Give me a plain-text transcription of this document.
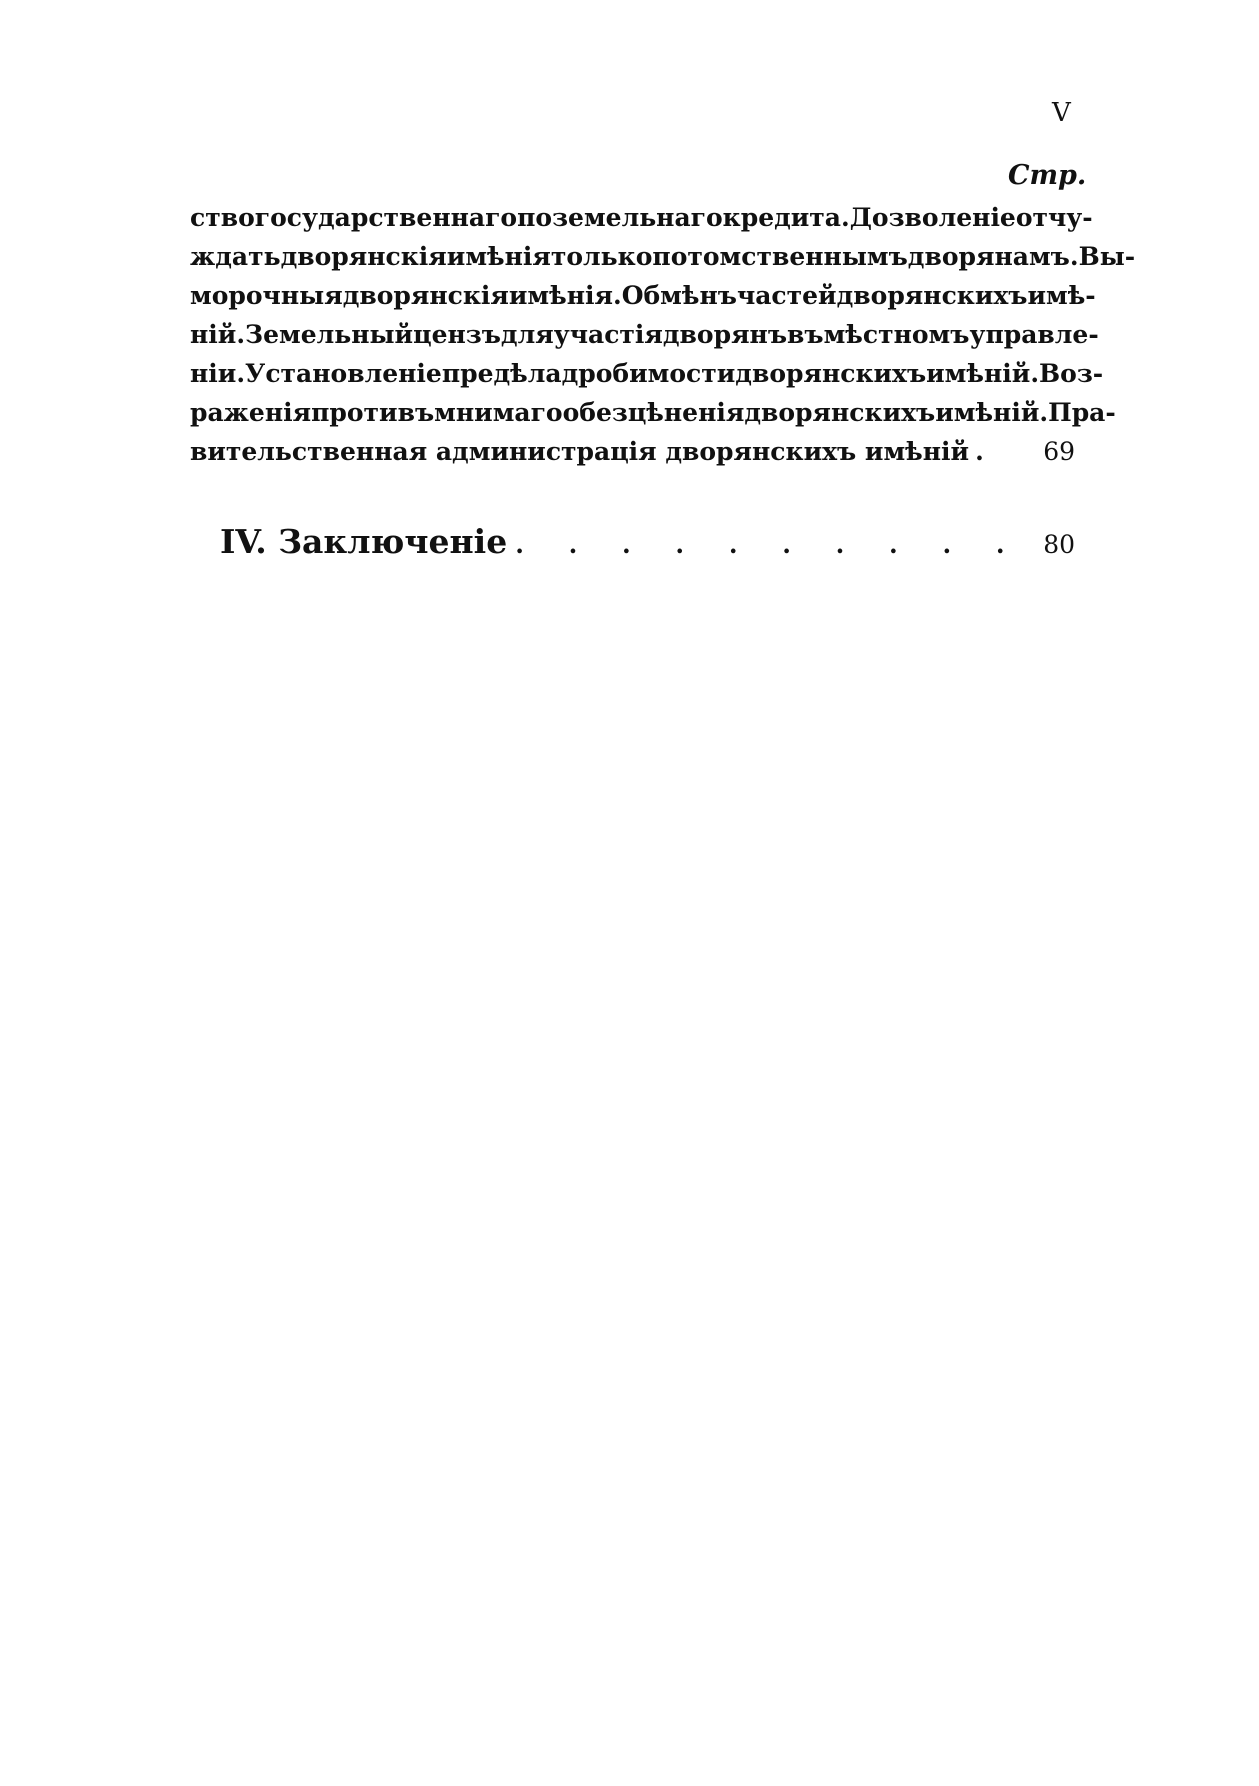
V
Стр.
ство государственнаго поземельнаго кредита. Дозволеніе отчу-
ждать дворянскія имѣнія только потомственнымъ дворянамъ. Вы-
морочныя дворянскія имѣнія. Обмѣнъ частей дворянскихъ имѣ-
ній. Земельный цензъ для участія дворянъ въ мѣстномъ управле-
ніи. Установленіе предѣла дробимости дворянскихъ имѣній. Воз-
раженія противъ мнимаго обезцѣненія дворянскихъ имѣній. Пра-
вительственная администрація дворянскихъ имѣній . . .	69
IV. Заключеніе . . .	80
